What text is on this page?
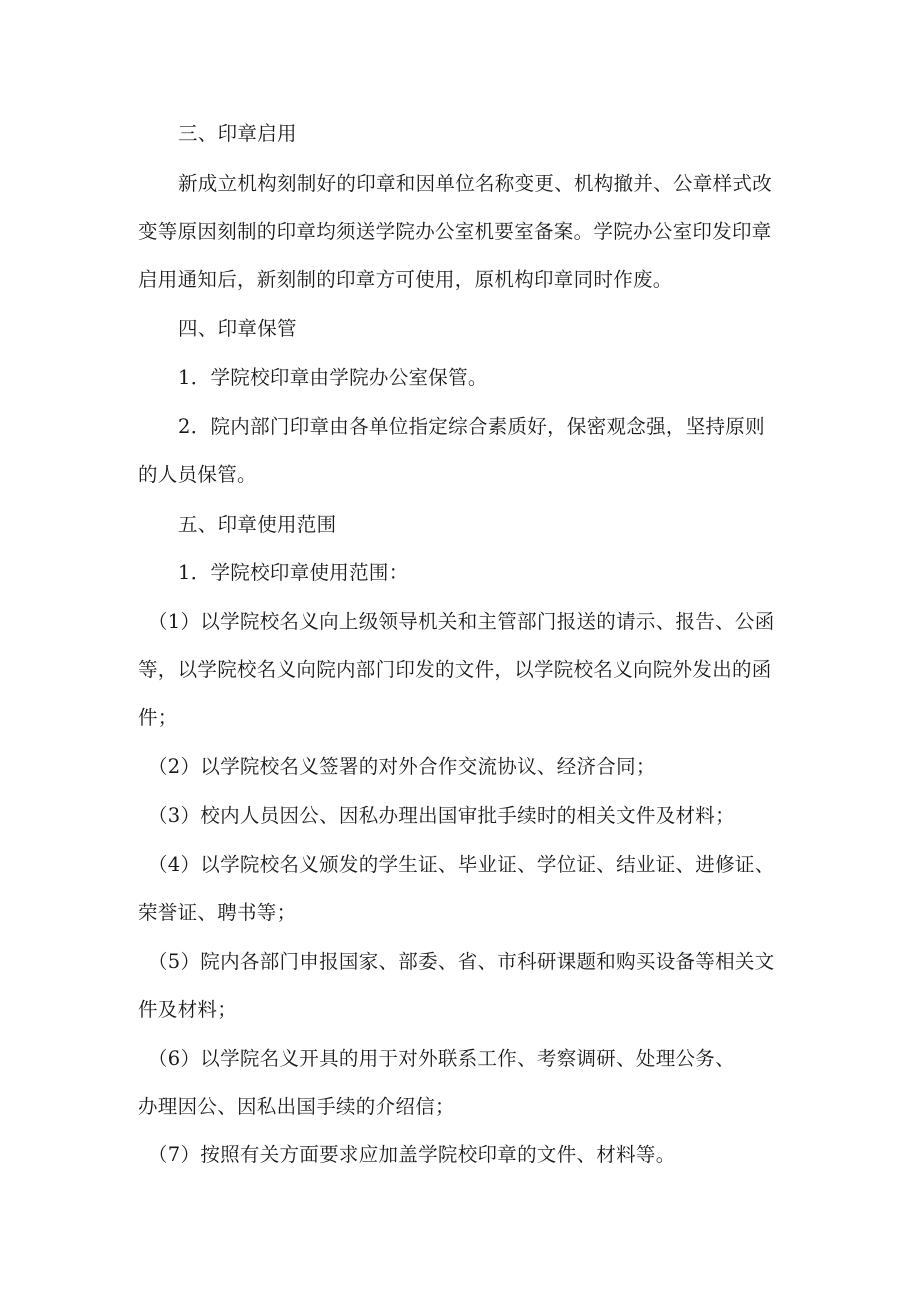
三、印章启用
新成立机构刻制好的印章和因单位名称变更、机构撤并、公章样式改
变等原因刻制的印章均须送学院办公室机要室备案。学院办公室印发印章
启用通知后，新刻制的印章方可使用，原机构印章同时作废。
四、印章保管
1．学院校印章由学院办公室保管。
2．院内部门印章由各单位指定综合素质好，保密观念强，坚持原则
的人员保管。
五、印章使用范围
1．学院校印章使用范围：
（1）以学院校名义向上级领导机关和主管部门报送的请示、报告、公函
等，以学院校名义向院内部门印发的文件，以学院校名义向院外发出的函
件；
（2）以学院校名义签署的对外合作交流协议、经济合同；
（3）校内人员因公、因私办理出国审批手续时的相关文件及材料；
（4）以学院校名义颁发的学生证、毕业证、学位证、结业证、进修证、
荣誉证、聘书等；
（5）院内各部门申报国家、部委、省、市科研课题和购买设备等相关文
件及材料；
（6）以学院名义开具的用于对外联系工作、考察调研、处理公务、
办理因公、因私出国手续的介绍信；
（7）按照有关方面要求应加盖学院校印章的文件、材料等。
